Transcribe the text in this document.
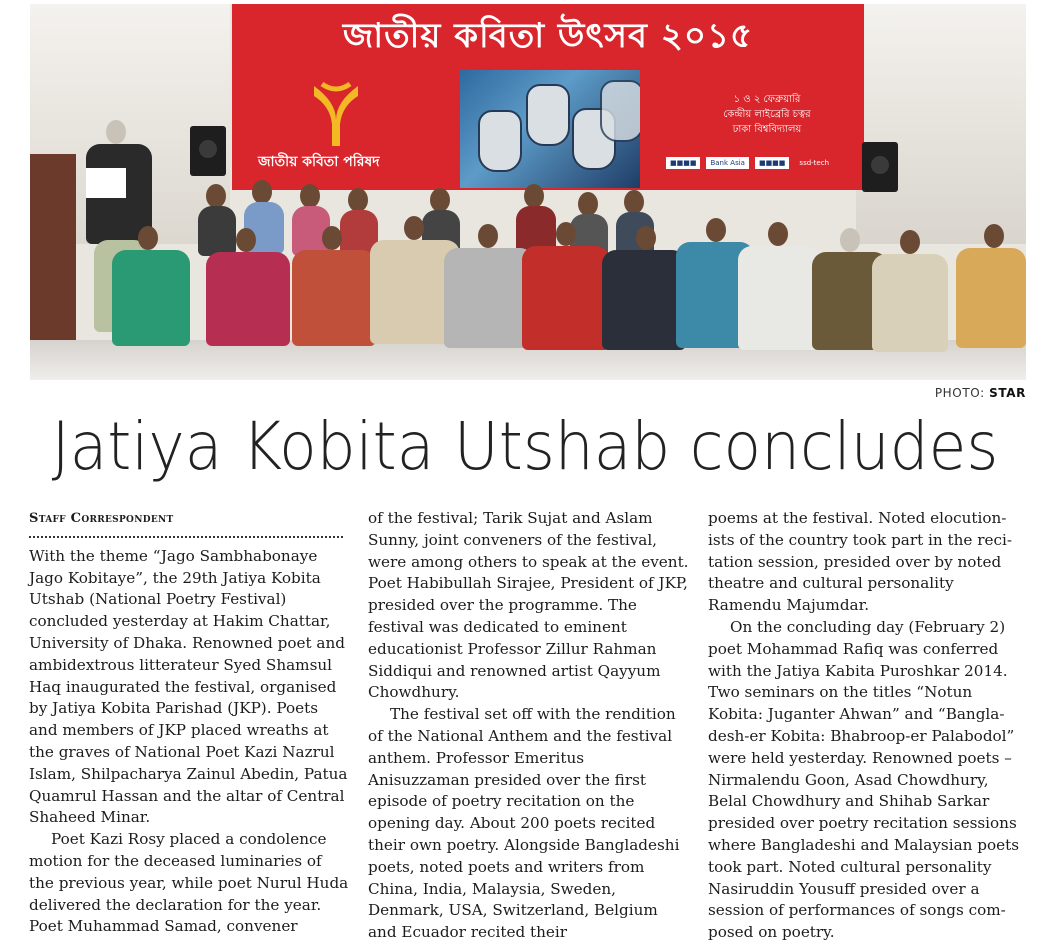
জাতীয় কবিতা উৎসব ২০১৫
জাতীয় কবিতা পরিষদ
১ ও ২ ফেব্রুয়ারি
কেন্দ্রীয় লাইব্রেরি চত্বর
ঢাকা বিশ্ববিদ্যালয়
■■■■	Bank Asia	■■■■	ssd-tech
PHOTO: STAR
Jatiya Kobita Utshab concludes
Staff Correspondent

With the theme “Jago Sambhabonaye Jago Kobitaye”, the 29th Jatiya Kobita Utshab (National Poetry Festival) concluded yesterday at Hakim Chattar, University of Dhaka. Renowned poet and ambidextrous litterateur Syed Shamsul Haq inaugurated the festival, organised by Jatiya Kobita Parishad (JKP). Poets and members of JKP placed wreaths at the graves of National Poet Kazi Nazrul Islam, Shilpacharya Zainul Abedin, Patua Quamrul Hassan and the altar of Central Shaheed Minar.

Poet Kazi Rosy placed a condolence motion for the deceased luminaries of the previous year, while poet Nurul Huda delivered the declaration for the year. Poet Muhammad Samad, convener

of the festival; Tarik Sujat and Aslam Sunny, joint conveners of the festival, were among others to speak at the event. Poet Habibullah Sirajee, President of JKP, presided over the programme. The festival was dedicated to eminent educationist Professor Zillur Rahman Siddiqui and renowned artist Qayyum Chowdhury.

The festival set off with the rendition of the National Anthem and the festival anthem. Professor Emeritus Anisuzzaman presided over the first episode of poetry recitation on the opening day. About 200 poets recited their own poetry. Alongside Bangladeshi poets, noted poets and writers from China, India, Malaysia, Sweden, Denmark, USA, Switzerland, Belgium and Ecuador recited their

poems at the festival. Noted elocution-ists of the country took part in the reci-tation session, presided over by noted theatre and cultural personality Ramendu Majumdar.

On the concluding day (February 2) poet Mohammad Rafiq was conferred with the Jatiya Kabita Puroshkar 2014. Two seminars on the titles “Notun Kobita: Juganter Ahwan” and “Bangla-desh-er Kobita: Bhabroop-er Palabodol” were held yesterday. Renowned poets – Nirmalendu Goon, Asad Chowdhury, Belal Chowdhury and Shihab Sarkar presided over poetry recitation sessions where Bangladeshi and Malaysian poets took part. Noted cultural personality Nasiruddin Yousuff presided over a session of performances of songs com-posed on poetry.
